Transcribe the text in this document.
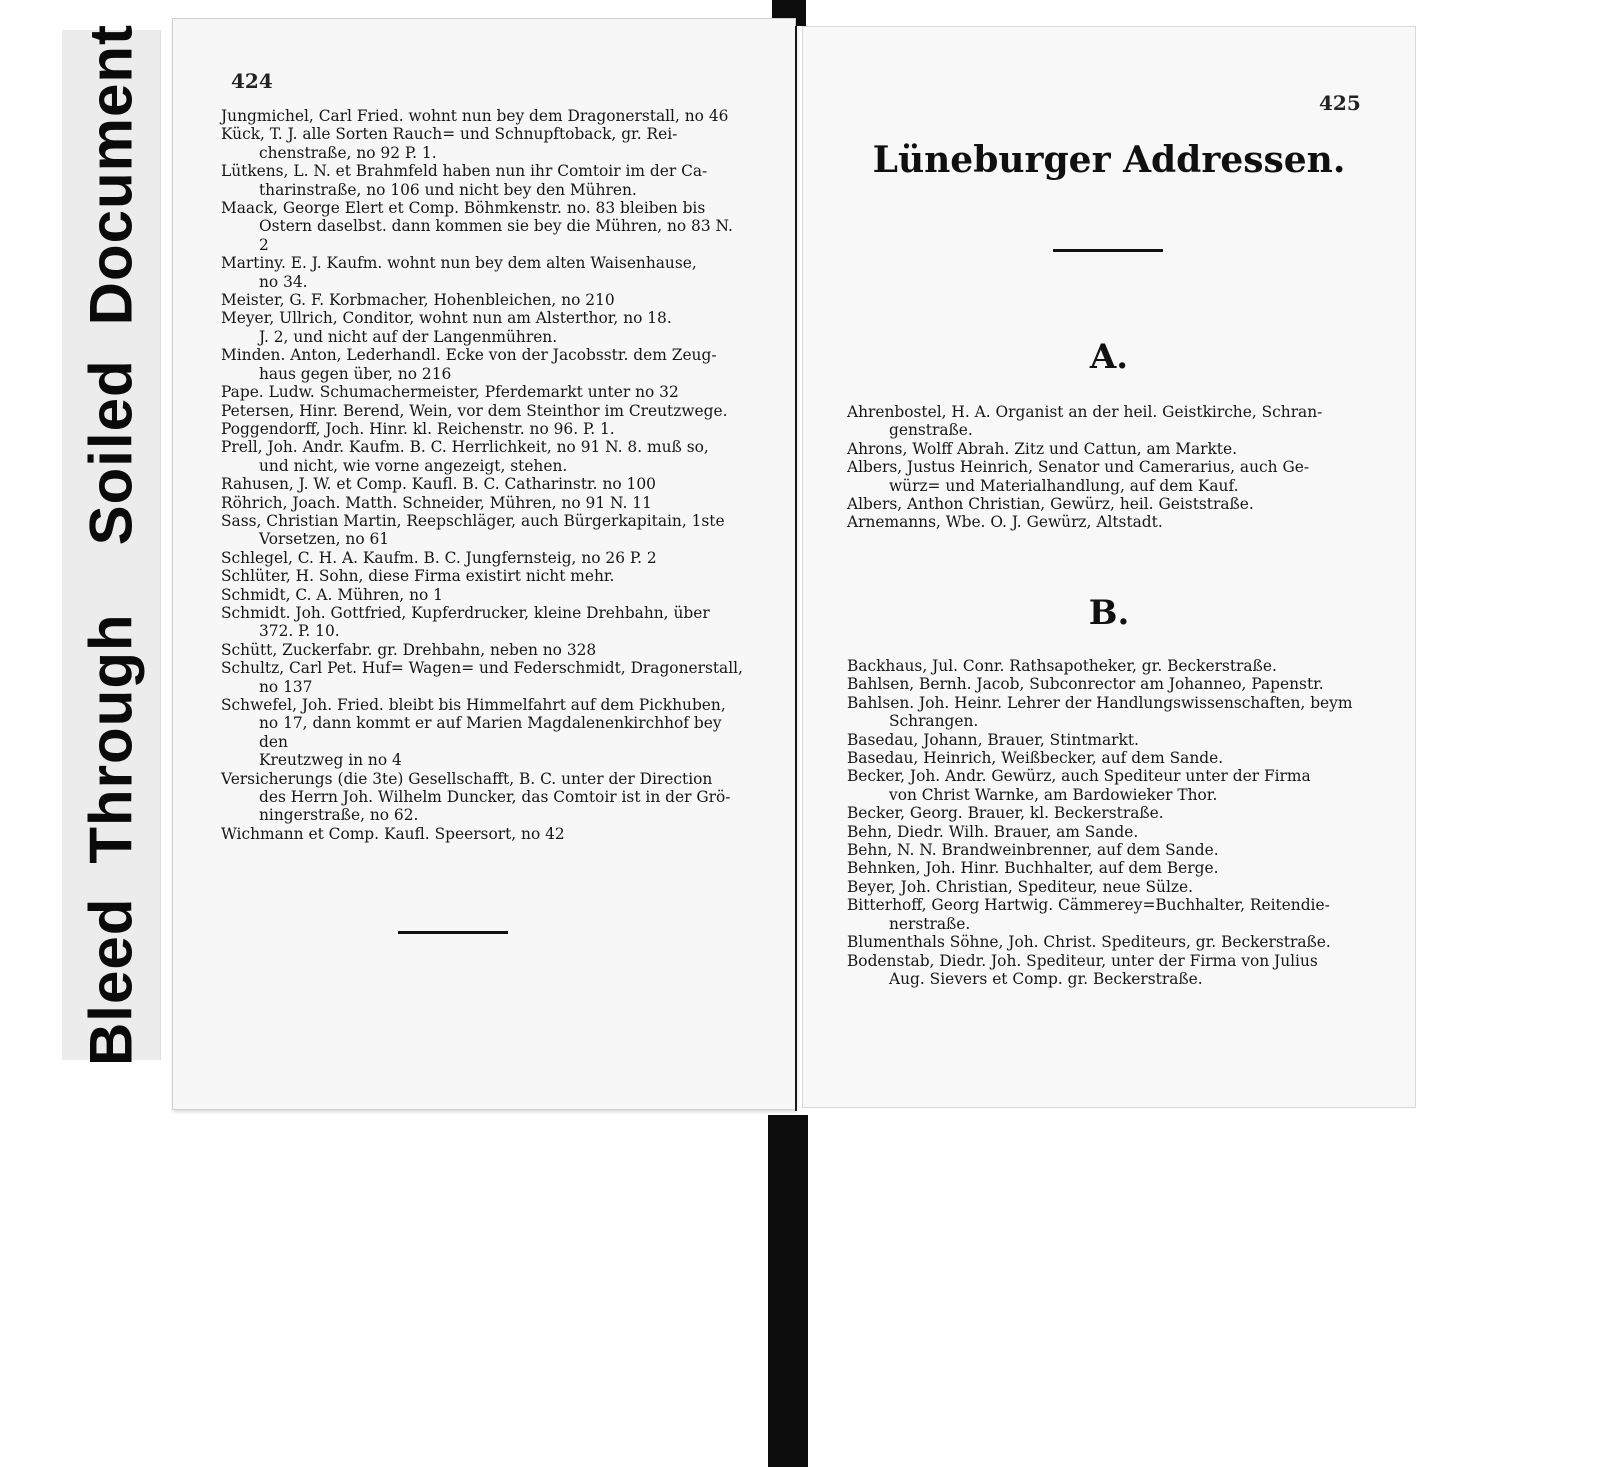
BleedThroughSoiledDocument	424
Jungmichel, Carl Fried. wohnt nun bey dem Dragonerstall, no 46
Kück, T. J. alle Sorten Rauch= und Schnupftoback, gr. Rei-
chenstraße, no 92 P. 1.
Lütkens, L. N. et Brahmfeld haben nun ihr Comtoir im der Ca-
tharinstraße, no 106 und nicht bey den Mühren.
Maack, George Elert et Comp. Böhmkenstr. no. 83 bleiben bis
Ostern daselbst. dann kommen sie bey die Mühren, no 83 N. 2
Martiny. E. J. Kaufm. wohnt nun bey dem alten Waisenhause,
no 34.
Meister, G. F. Korbmacher, Hohenbleichen, no 210
Meyer, Ullrich, Conditor, wohnt nun am Alsterthor, no 18.
J. 2, und nicht auf der Langenmühren.
Minden. Anton, Lederhandl. Ecke von der Jacobsstr. dem Zeug-
haus gegen über, no 216
Pape. Ludw. Schumachermeister, Pferdemarkt unter no 32
Petersen, Hinr. Berend, Wein, vor dem Steinthor im Creutzwege.
Poggendorff, Joch. Hinr. kl. Reichenstr. no 96. P. 1.
Prell, Joh. Andr. Kaufm. B. C. Herrlichkeit, no 91 N. 8. muß so,
und nicht, wie vorne angezeigt, stehen.
Rahusen, J. W. et Comp. Kaufl. B. C. Catharinstr. no 100
Röhrich, Joach. Matth. Schneider, Mühren, no 91 N. 11
Sass, Christian Martin, Reepschläger, auch Bürgerkapitain, 1ste
Vorsetzen, no 61
Schlegel, C. H. A. Kaufm. B. C. Jungfernsteig, no 26 P. 2
Schlüter, H. Sohn, diese Firma existirt nicht mehr.
Schmidt, C. A. Mühren, no 1
Schmidt. Joh. Gottfried, Kupferdrucker, kleine Drehbahn, über
372. P. 10.
Schütt, Zuckerfabr. gr. Drehbahn, neben no 328
Schultz, Carl Pet. Huf= Wagen= und Federschmidt, Dragonerstall,
no 137
Schwefel, Joh. Fried. bleibt bis Himmelfahrt auf dem Pickhuben,
no 17, dann kommt er auf Marien Magdalenenkirchhof bey den
Kreutzweg in no 4
Versicherungs (die 3te) Gesellschafft, B. C. unter der Direction
des Herrn Joh. Wilhelm Duncker, das Comtoir ist in der Grö-
ningerstraße, no 62.
Wichmann et Comp. Kaufl. Speersort, no 42
425
Lüneburger Addressen.
A.
Ahrenbostel, H. A. Organist an der heil. Geistkirche, Schran-
genstraße.
Ahrons, Wolff Abrah. Zitz und Cattun, am Markte.
Albers, Justus Heinrich, Senator und Camerarius, auch Ge-
würz= und Materialhandlung, auf dem Kauf.
Albers, Anthon Christian, Gewürz, heil. Geiststraße.
Arnemanns, Wbe. O. J. Gewürz, Altstadt.
B.
Backhaus, Jul. Conr. Rathsapotheker, gr. Beckerstraße.
Bahlsen, Bernh. Jacob, Subconrector am Johanneo, Papenstr.
Bahlsen. Joh. Heinr. Lehrer der Handlungswissenschaften, beym
Schrangen.
Basedau, Johann, Brauer, Stintmarkt.
Basedau, Heinrich, Weißbecker, auf dem Sande.
Becker, Joh. Andr. Gewürz, auch Spediteur unter der Firma
von Christ Warnke, am Bardowieker Thor.
Becker, Georg. Brauer, kl. Beckerstraße.
Behn, Diedr. Wilh. Brauer, am Sande.
Behn, N. N. Brandweinbrenner, auf dem Sande.
Behnken, Joh. Hinr. Buchhalter, auf dem Berge.
Beyer, Joh. Christian, Spediteur, neue Sülze.
Bitterhoff, Georg Hartwig. Cämmerey=Buchhalter, Reitendie-
nerstraße.
Blumenthals Söhne, Joh. Christ. Spediteurs, gr. Beckerstraße.
Bodenstab, Diedr. Joh. Spediteur, unter der Firma von Julius
Aug. Sievers et Comp. gr. Beckerstraße.
